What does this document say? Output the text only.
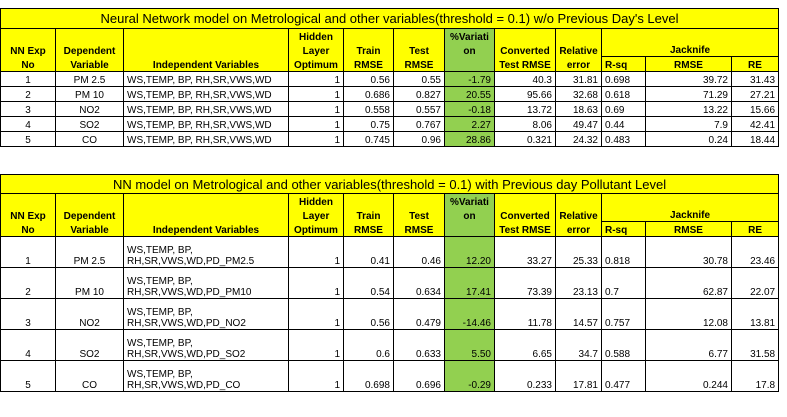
Neural Network model on Metrological and other variables(threshold = 0.1) w/o Previous Day's Level											
			Hidden			%Variati					
NN Exp	Dependent		Layer	Train	Test	on	Converted	Relative	Jacknife		
No	Variable	Independent Variables	Optimum	RMSE	RMSE		Test RMSE	error	R-sq	RMSE	RE
1	PM 2.5	WS,TEMP, BP, RH,SR,VWS,WD	1	0.56	0.55	-1.79	40.3	31.81	0.698	39.72	31.43
2	PM 10	WS,TEMP, BP, RH,SR,VWS,WD	1	0.686	0.827	20.55	95.66	32.68	0.618	71.29	27.21
3	NO2	WS,TEMP, BP, RH,SR,VWS,WD	1	0.558	0.557	-0.18	13.72	18.63	0.69	13.22	15.66
4	SO2	WS,TEMP, BP, RH,SR,VWS,WD	1	0.75	0.767	2.27	8.06	49.47	0.44	7.9	42.41
5	CO	WS,TEMP, BP, RH,SR,VWS,WD	1	0.745	0.96	28.86	0.321	24.32	0.483	0.24	18.44
NN model on Metrological and other variables(threshold = 0.1) with Previous day Pollutant Level											
			Hidden			%Variati					
NN Exp	Dependent		Layer	Train	Test	on	Converted	Relative	Jacknife		
No	Variable	Independent Variables	Optimum	RMSE	RMSE		Test RMSE	error	R-sq	RMSE	RE
1	PM 2.5	WS,TEMP, BP,
RH,SR,VWS,WD,PD_PM2.5	1	0.41	0.46	12.20	33.27	25.33	0.818	30.78	23.46
2	PM 10	WS,TEMP, BP,
RH,SR,VWS,WD,PD_PM10	1	0.54	0.634	17.41	73.39	23.13	0.7	62.87	22.07
3	NO2	WS,TEMP, BP,
RH,SR,VWS,WD,PD_NO2	1	0.56	0.479	-14.46	11.78	14.57	0.757	12.08	13.81
4	SO2	WS,TEMP, BP,
RH,SR,VWS,WD,PD_SO2	1	0.6	0.633	5.50	6.65	34.7	0.588	6.77	31.58
5	CO	WS,TEMP, BP,
RH,SR,VWS,WD,PD_CO	1	0.698	0.696	-0.29	0.233	17.81	0.477	0.244	17.8
